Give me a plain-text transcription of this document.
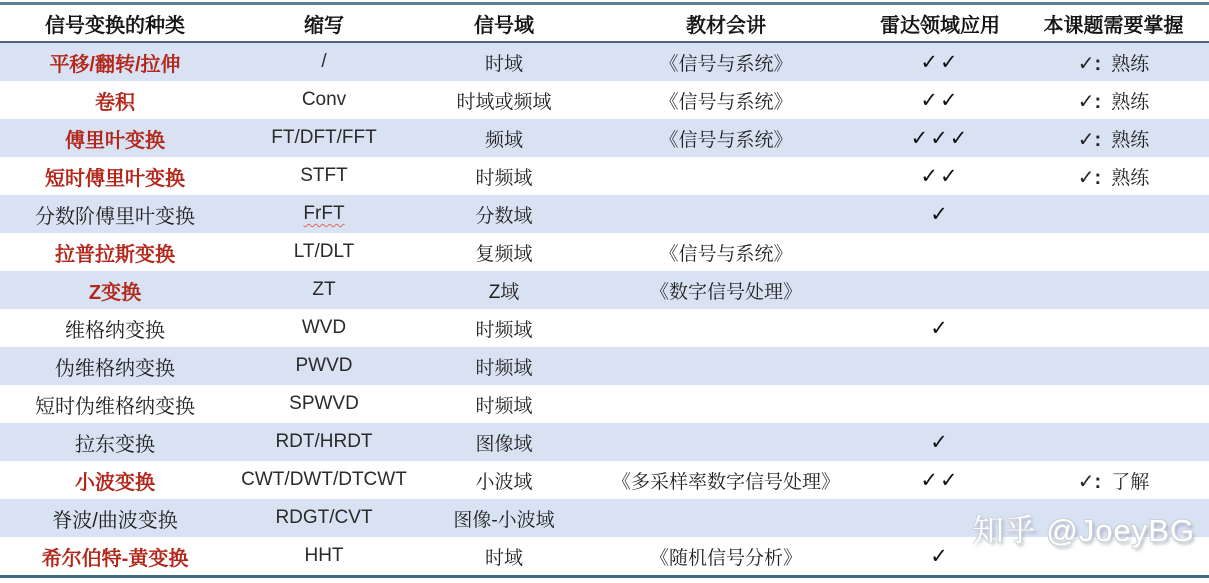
信号变换的种类	缩写	信号域	教材会讲	雷达领域应用	本课题需要掌握
平移/翻转/拉伸	/	时域	《信号与系统》	✓✓	✓: 熟练
卷积	Conv	时域或频域	《信号与系统》	✓✓	✓: 熟练
傅里叶变换	FT/DFT/FFT	频域	《信号与系统》	✓✓✓	✓: 熟练
短时傅里叶变换	STFT	时频域		✓✓	✓: 熟练
分数阶傅里叶变换	FrFT	分数域		✓	
拉普拉斯变换	LT/DLT	复频域	《信号与系统》		
Z变换	ZT	Z域	《数字信号处理》		
维格纳变换	WVD	时频域		✓	
伪维格纳变换	PWVD	时频域			
短时伪维格纳变换	SPWVD	时频域			
拉东变换	RDT/HRDT	图像域		✓	
小波变换	CWT/DWT/DTCWT	小波域	《多采样率数字信号处理》	✓✓	✓: 了解
脊波/曲波变换	RDGT/CVT	图像-小波域			
希尔伯特-黄变换	HHT	时域	《随机信号分析》	✓	
知乎 @JoeyBG
